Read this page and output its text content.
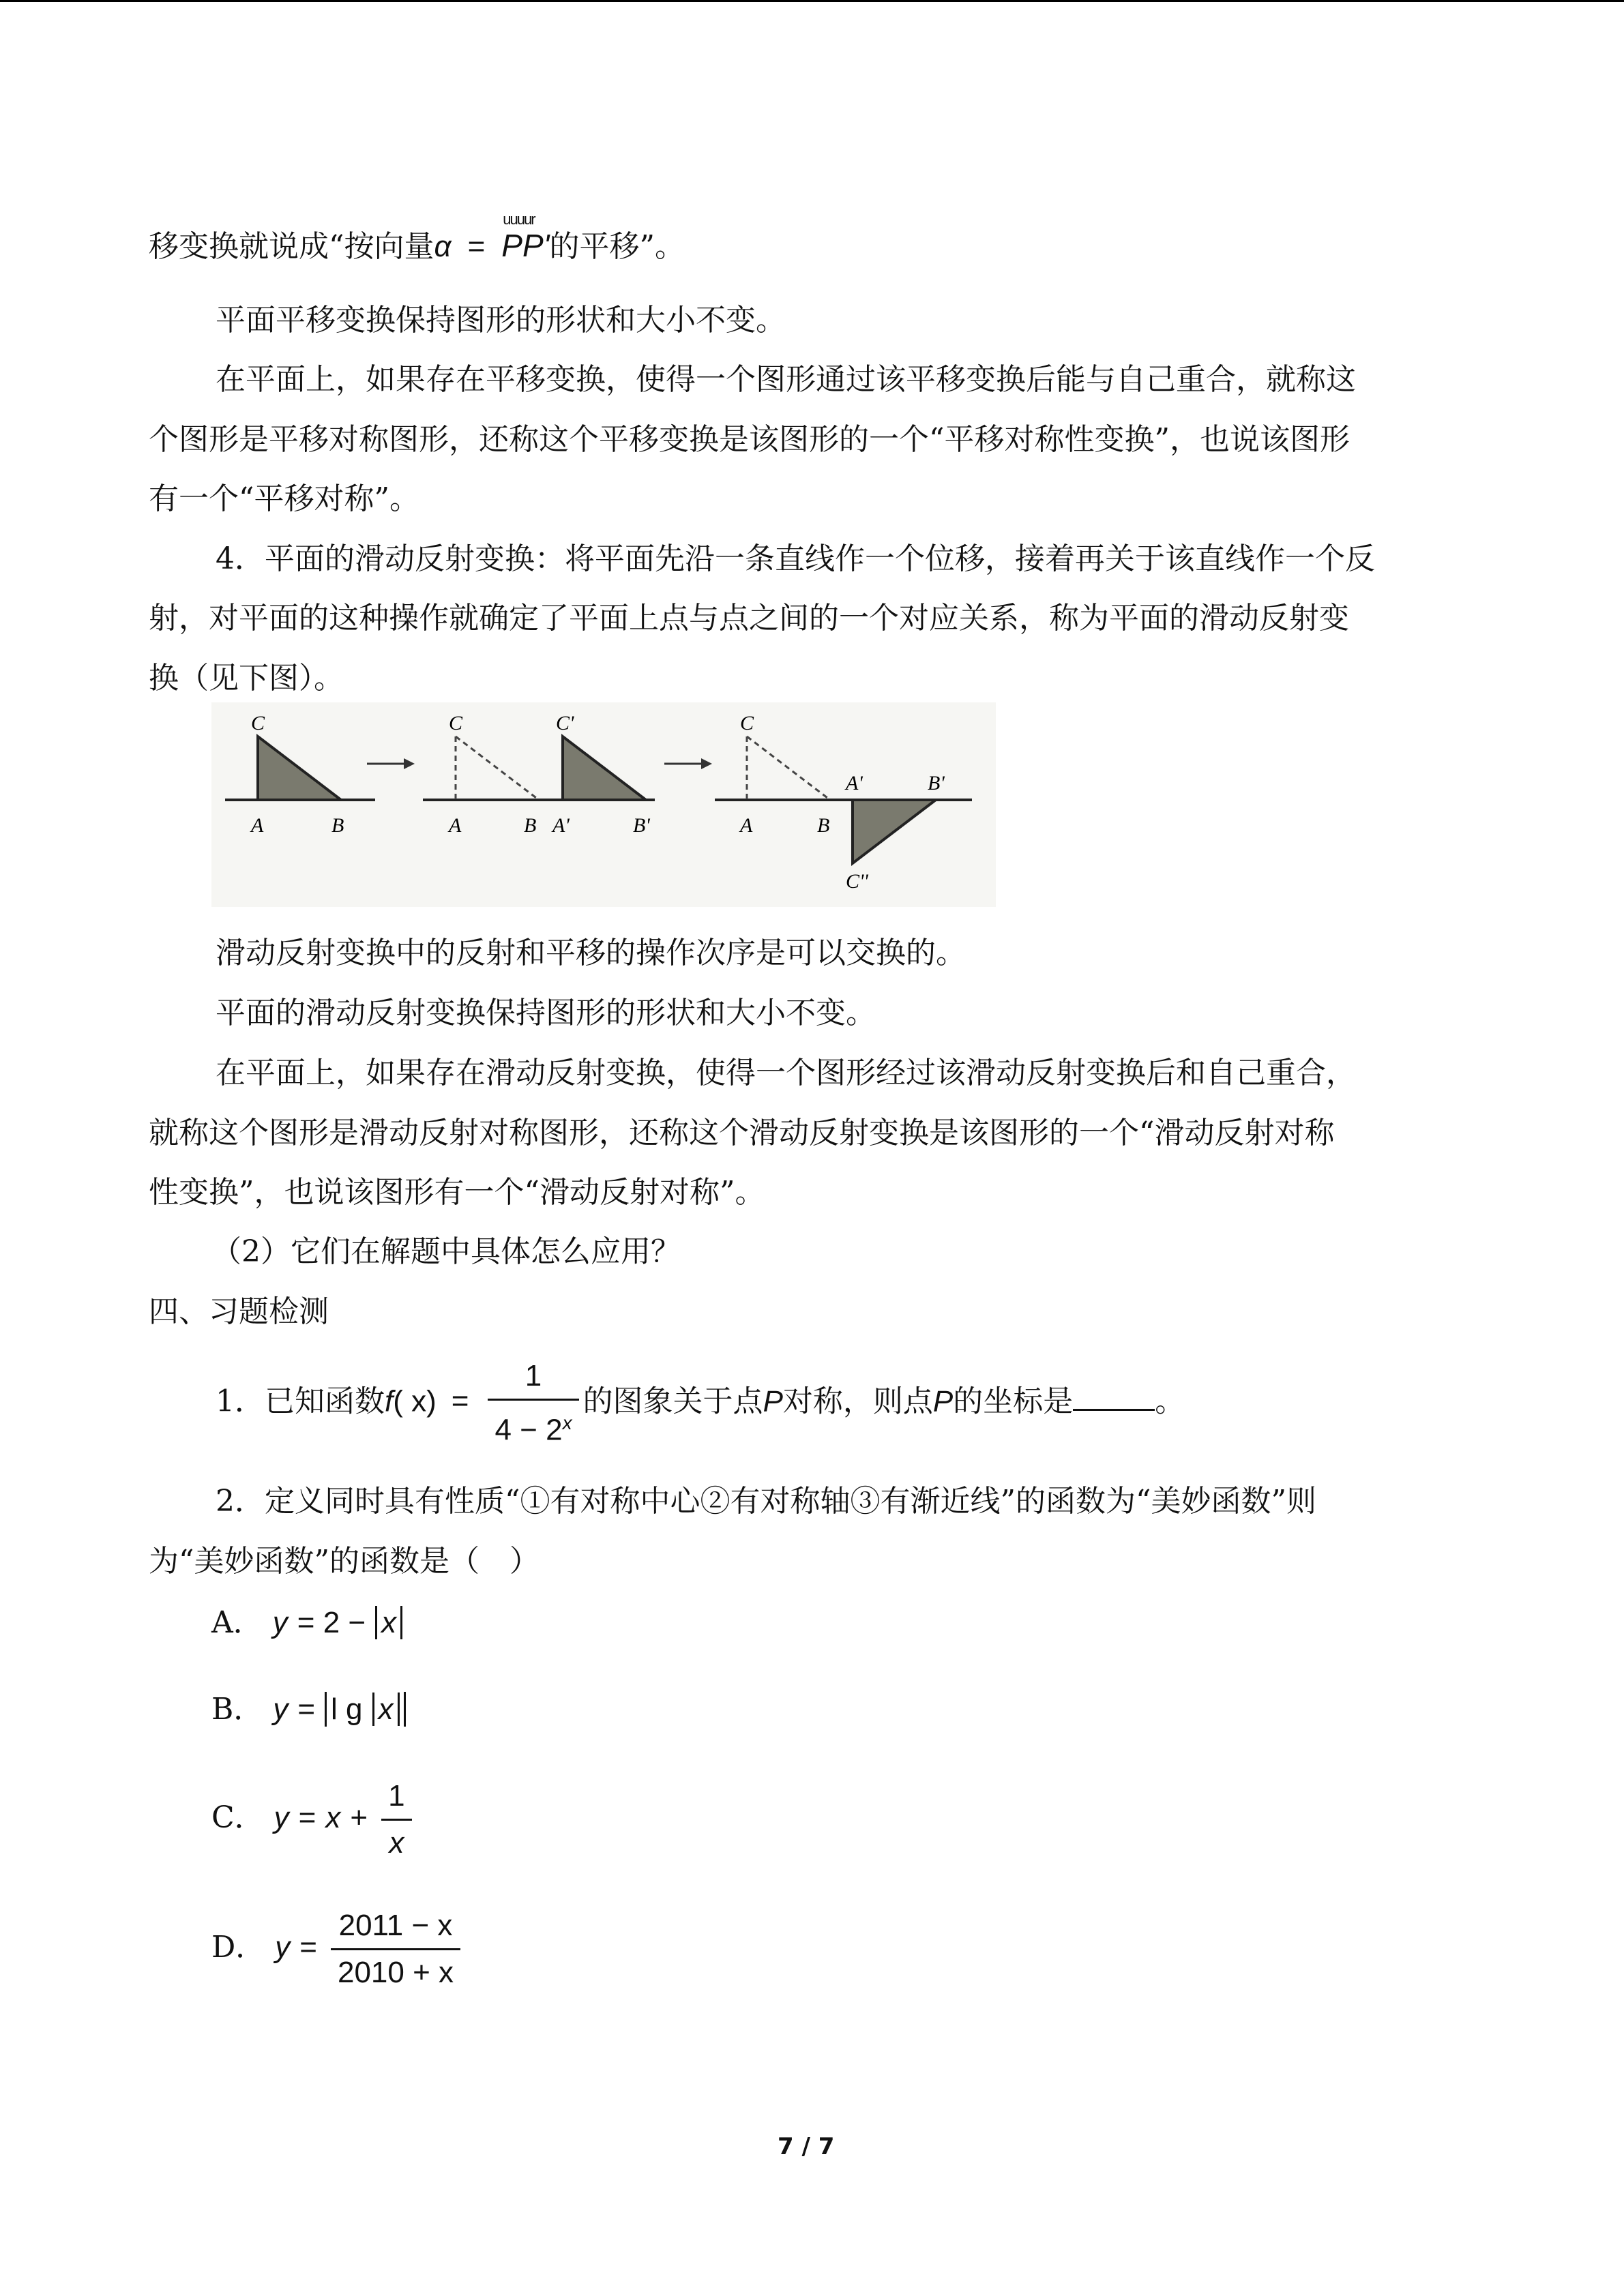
移变换就说成“按向量α =
uuuur
PP'的平移”。
平面平移变换保持图形的形状和大小不变。
在平面上，如果存在平移变换，使得一个图形通过该平移变换后能与自己重合，就称这
个图形是平移对称图形，还称这个平移变换是该图形的一个“平移对称性变换”，也说该图形
有一个“平移对称”。
4．平面的滑动反射变换：将平面先沿一条直线作一个位移，接着再关于该直线作一个反
射，对平面的这种操作就确定了平面上点与点之间的一个对应关系，称为平面的滑动反射变
换（见下图）。
C
A	B
C	C'
A	B A'	B'
C
A	B
A'	B'
C''
滑动反射变换中的反射和平移的操作次序是可以交换的。
平面的滑动反射变换保持图形的形状和大小不变。
在平面上，如果存在滑动反射变换，使得一个图形经过该滑动反射变换后和自己重合，
就称这个图形是滑动反射对称图形，还称这个滑动反射变换是该图形的一个“滑动反射对称
性变换”，也说该图形有一个“滑动反射对称”。
（2）它们在解题中具体怎么应用？
四、习题检测
1．已知函数f( $x) = \frac{1}{4 - 2^x}$ 的图象关于点P对称，则点P的坐标是	。
2．定义同时具有性质“①有对称中心②有对称轴③有渐近线”的函数为“美妙函数”则
为“美妙函数”的函数是（　）
A． y = 2 − x
B． y = l g x
C． $y = x + \frac{1}{x}$
D． $y = \frac{2011 - x}{2010 + x}$
7 / 7
